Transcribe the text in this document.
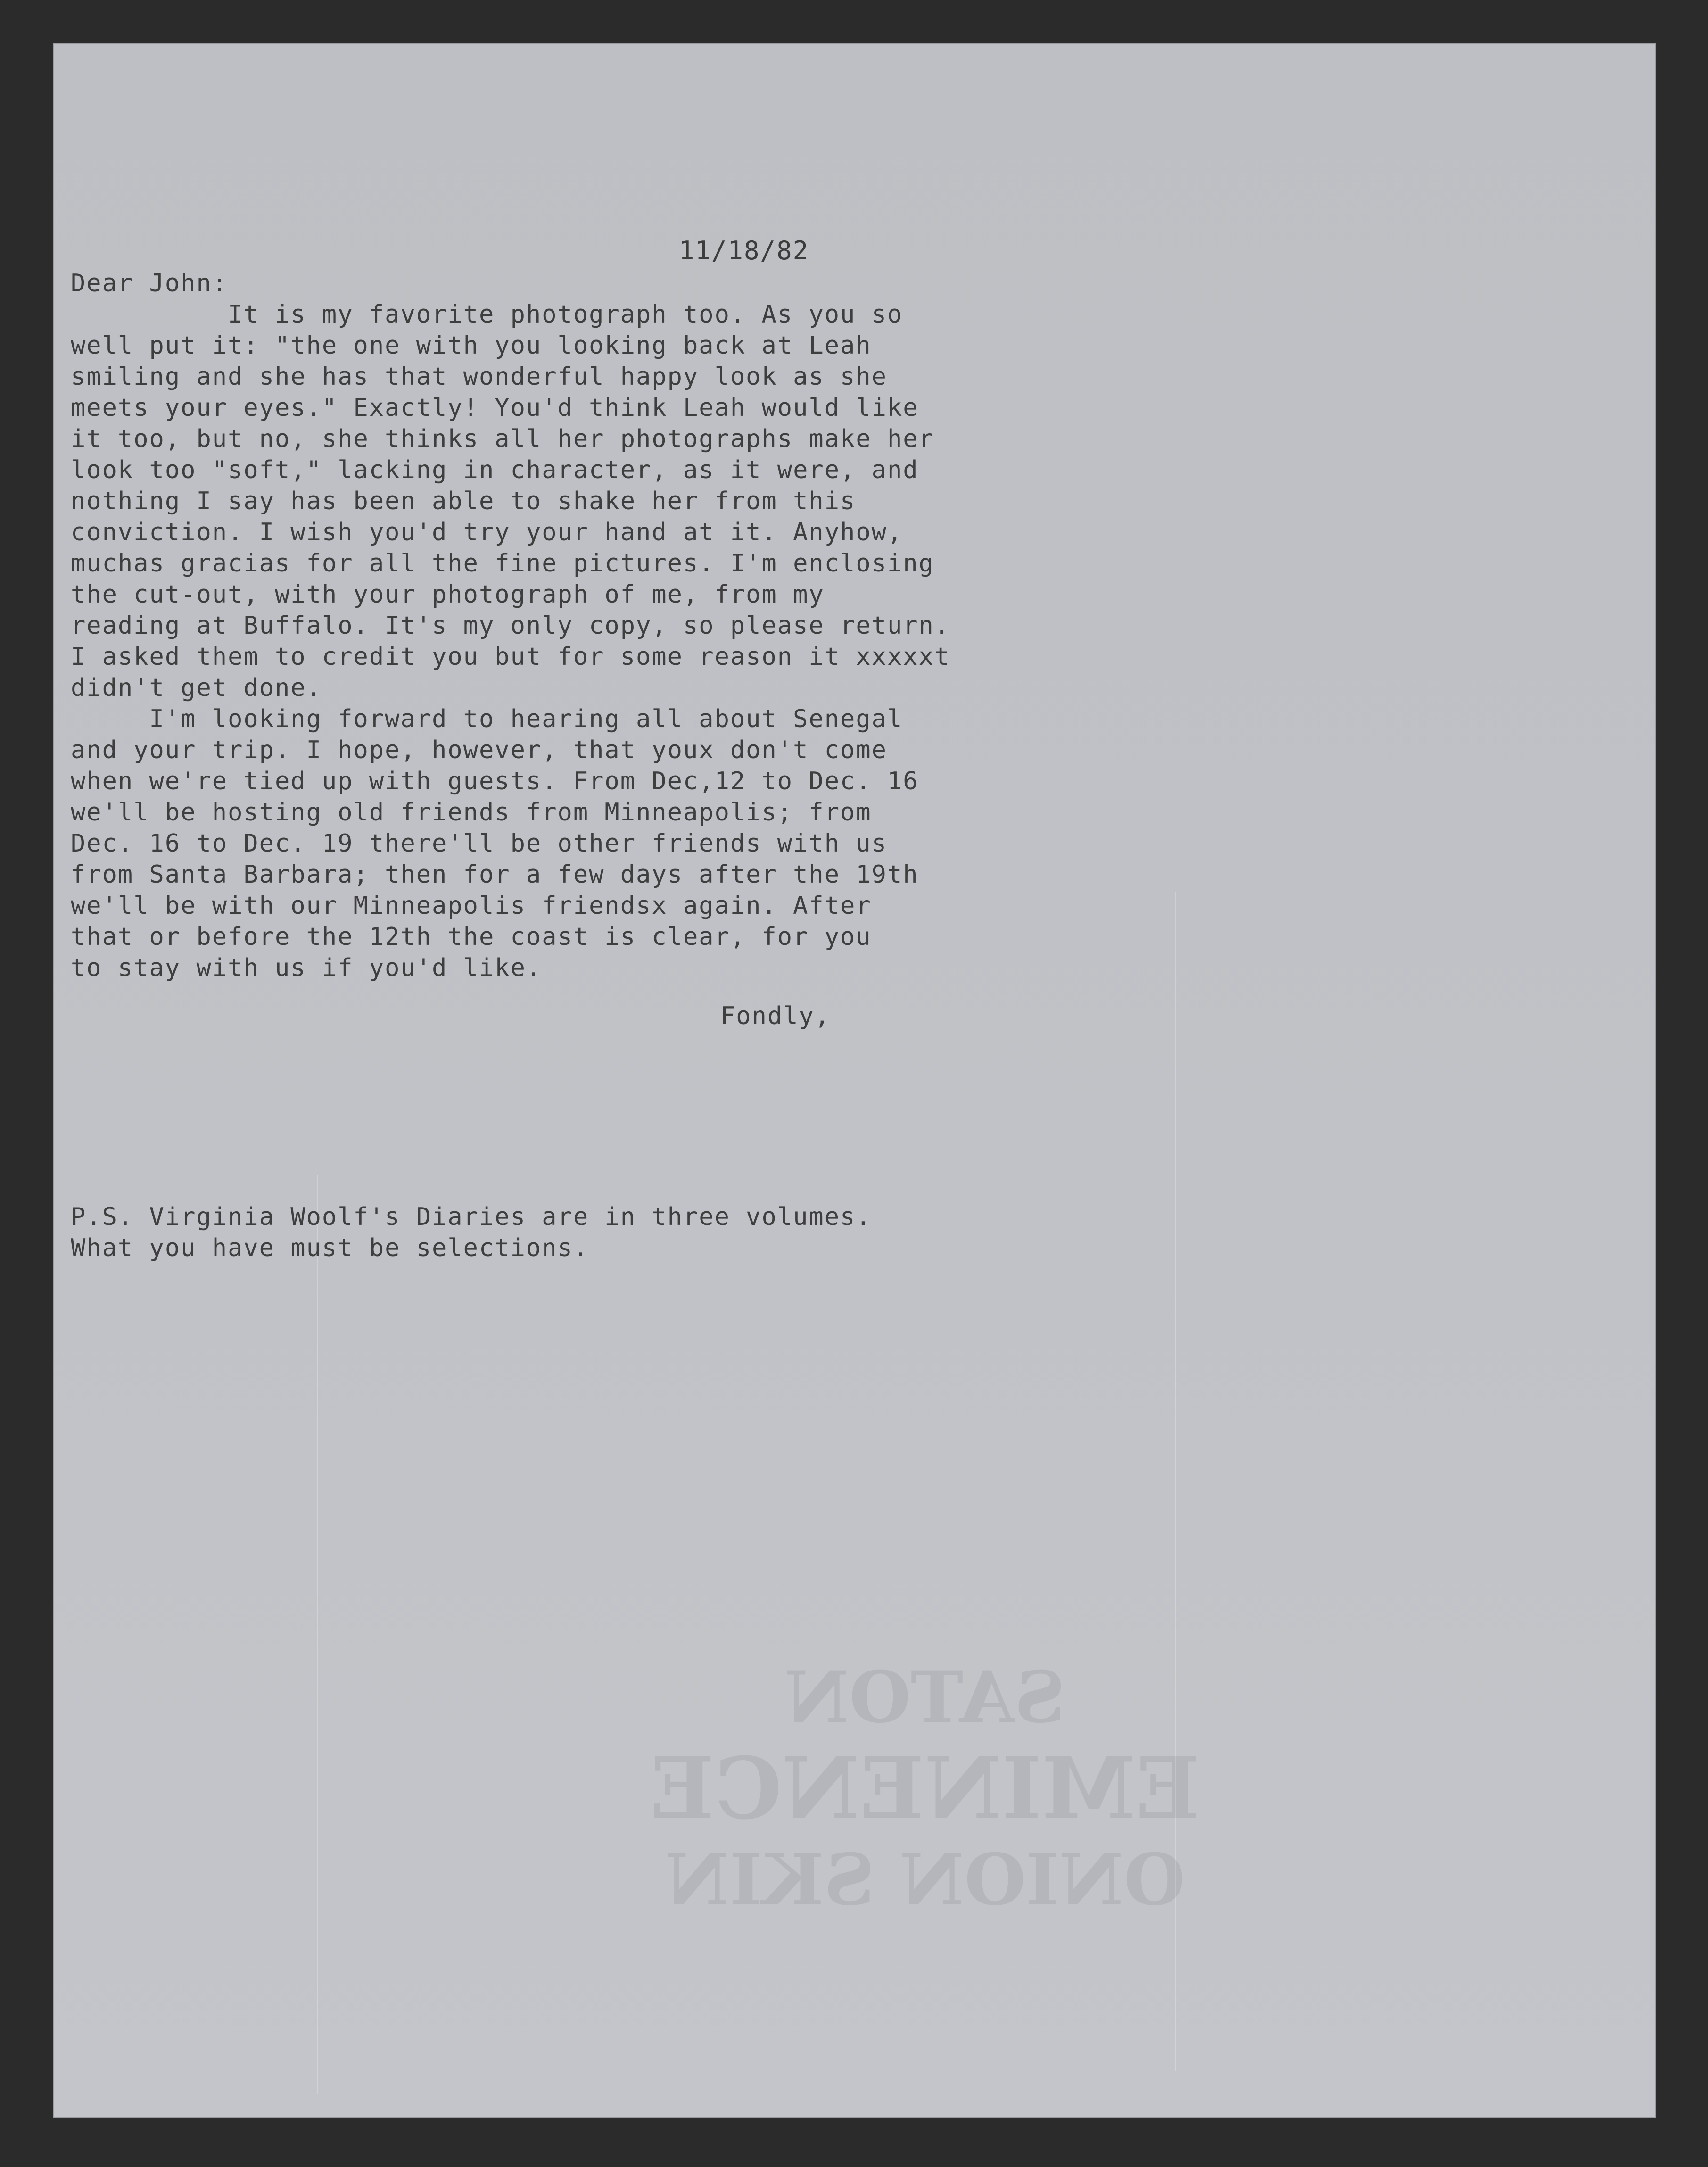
SATON
EMINENCE
ONION SKIN
11/18/82
Dear John:
It is my favorite photograph too. As you so
well put it: "the one with you looking back at Leah
smiling and she has that wonderful happy look as she
meets your eyes." Exactly! You'd think Leah would like
it too, but no, she thinks all her photographs make her
look too "soft," lacking in character, as it were, and
nothing I say has been able to shake her from this
conviction. I wish you'd try your hand at it. Anyhow,
muchas gracias for all the fine pictures. I'm enclosing
the cut-out, with your photograph of me, from my
reading at Buffalo. It's my only copy, so please return.
I asked them to credit you but for some reason it xxxxxt
didn't get done.
I'm looking forward to hearing all about Senegal
and your trip. I hope, however, that youx don't come
when we're tied up with guests. From Dec,12 to Dec. 16
we'll be hosting old friends from Minneapolis; from
Dec. 16 to Dec. 19 there'll be other friends with us
from Santa Barbara; then for a few days after the 19th
we'll be with our Minneapolis friendsx again. After
that or before the 12th the coast is clear, for you
to stay with us if you'd like.
Fondly,
P.S. Virginia Woolf's Diaries are in three volumes.
What you have must be selections.
